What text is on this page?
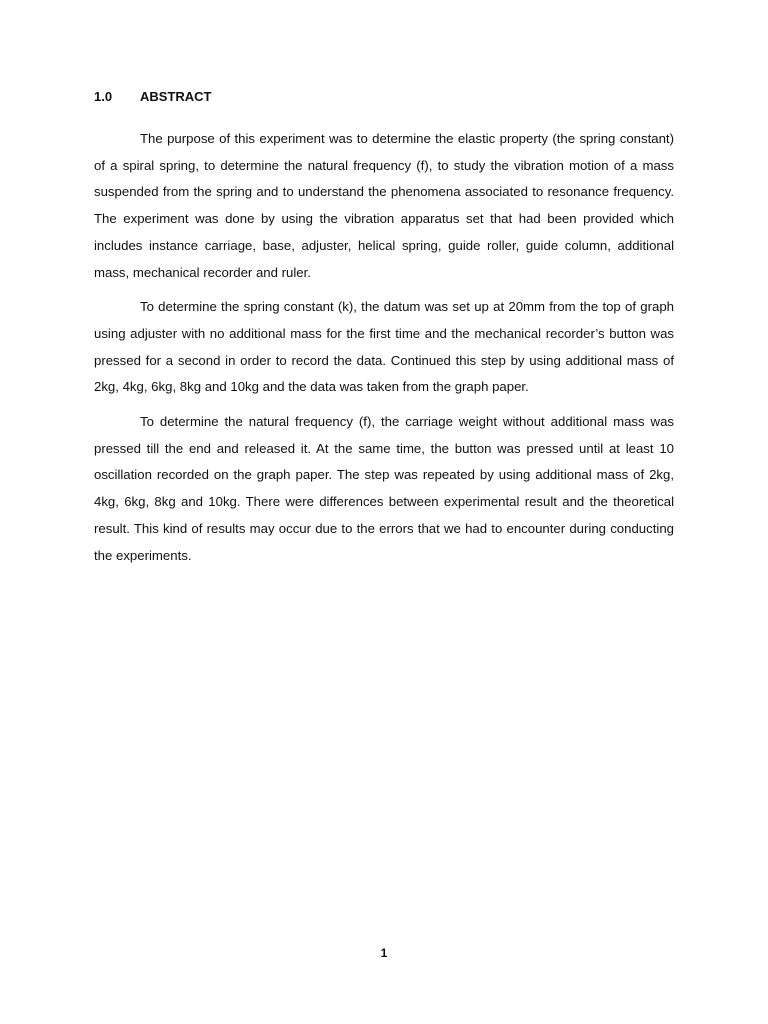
1.0 ABSTRACT

The purpose of this experiment was to determine the elastic property (the spring constant) of a spiral spring, to determine the natural frequency (f), to study the vibration motion of a mass suspended from the spring and to understand the phenomena associated to resonance frequency. The experiment was done by using the vibration apparatus set that had been provided which includes instance carriage, base, adjuster, helical spring, guide roller, guide column, additional mass, mechanical recorder and ruler.

To determine the spring constant (k), the datum was set up at 20mm from the top of graph using adjuster with no additional mass for the first time and the mechanical recorder’s button was pressed for a second in order to record the data. Continued this step by using additional mass of 2kg, 4kg, 6kg, 8kg and 10kg and the data was taken from the graph paper.

To determine the natural frequency (f), the carriage weight without additional mass was pressed till the end and released it. At the same time, the button was pressed until at least 10 oscillation recorded on the graph paper. The step was repeated by using additional mass of 2kg, 4kg, 6kg, 8kg and 10kg. There were differences between experimental result and the theoretical result. This kind of results may occur due to the errors that we had to encounter during conducting the experiments.

1
